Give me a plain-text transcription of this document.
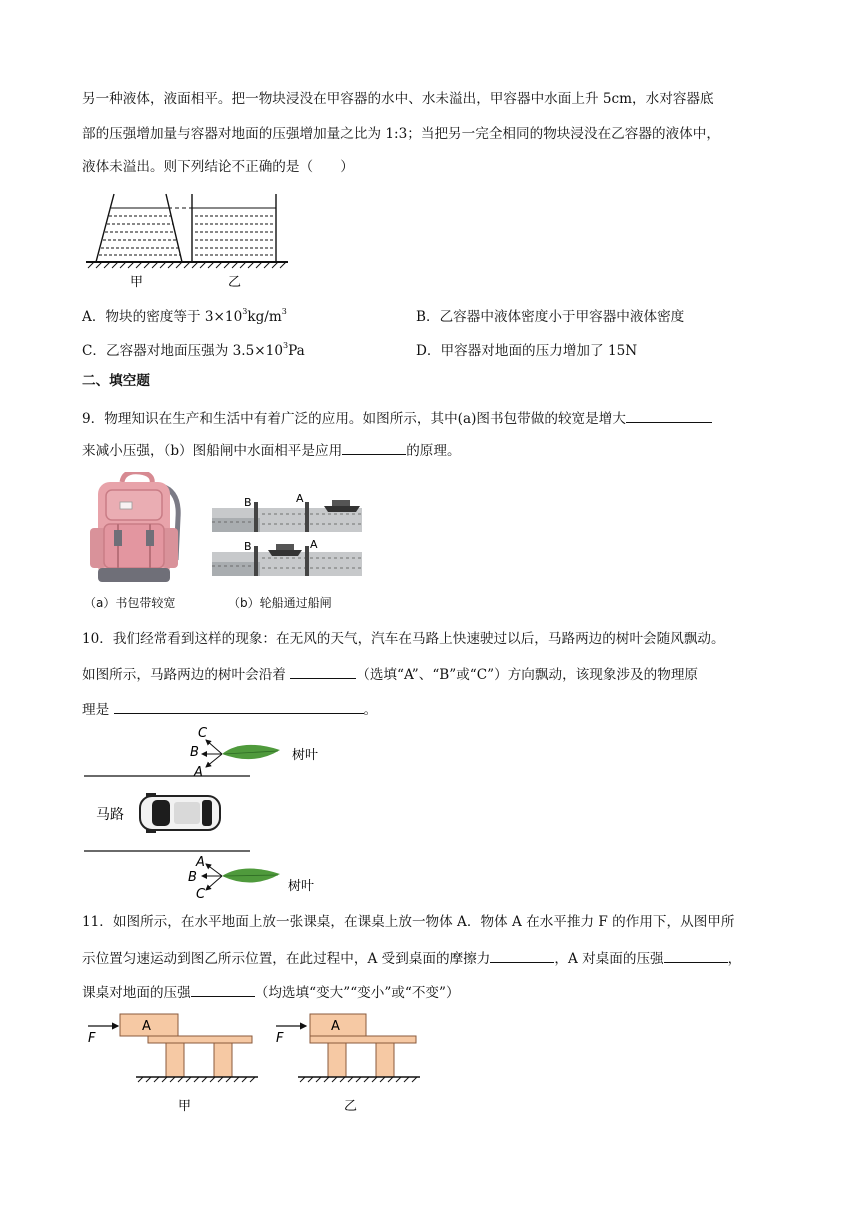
另一种液体，液面相平。把一物块浸没在甲容器的水中、水未溢出，甲容器中水面上升 5cm，水对容器底
部的压强增加量与容器对地面的压强增加量之比为 1:3；当把另一完全相同的物块浸没在乙容器的液体中，
液体未溢出。则下列结论不正确的是（　　）
甲	乙
A．物块的密度等于 $3\times 10^3kg/m^3$	B．乙容器中液体密度小于甲容器中液体密度
C．乙容器对地面压强为 $3.5\times 10^3Pa$	D．甲容器对地面的压力增加了 15N
二、填空题
9．物理知识在生产和生活中有着广泛的应用。如图所示，其中(a)图书包带做的较宽是增大
来减小压强，（b）图船闸中水面相平是应用	的原理。
B	A
B	A
（a）书包带较宽	（b）轮船通过船闸
10．我们经常看到这样的现象：在无风的天气，汽车在马路上快速驶过以后，马路两边的树叶会随风飘动。
如图所示，马路两边的树叶会沿着	（选填“A”、“B”或“C”）方向飘动，该现象涉及的物理原
理是	。
C
B
A
树叶
马路
A
B
C
树叶
11．如图所示，在水平地面上放一张课桌，在课桌上放一物体 A．物体 A 在水平推力 F 的作用下，从图甲所
示位置匀速运动到图乙所示位置，在此过程中，A 受到桌面的摩擦力	，A 对桌面的压强	，
课桌对地面的压强	（均选填“变大”“变小”或“不变”）
F
A
甲
F
A
乙
